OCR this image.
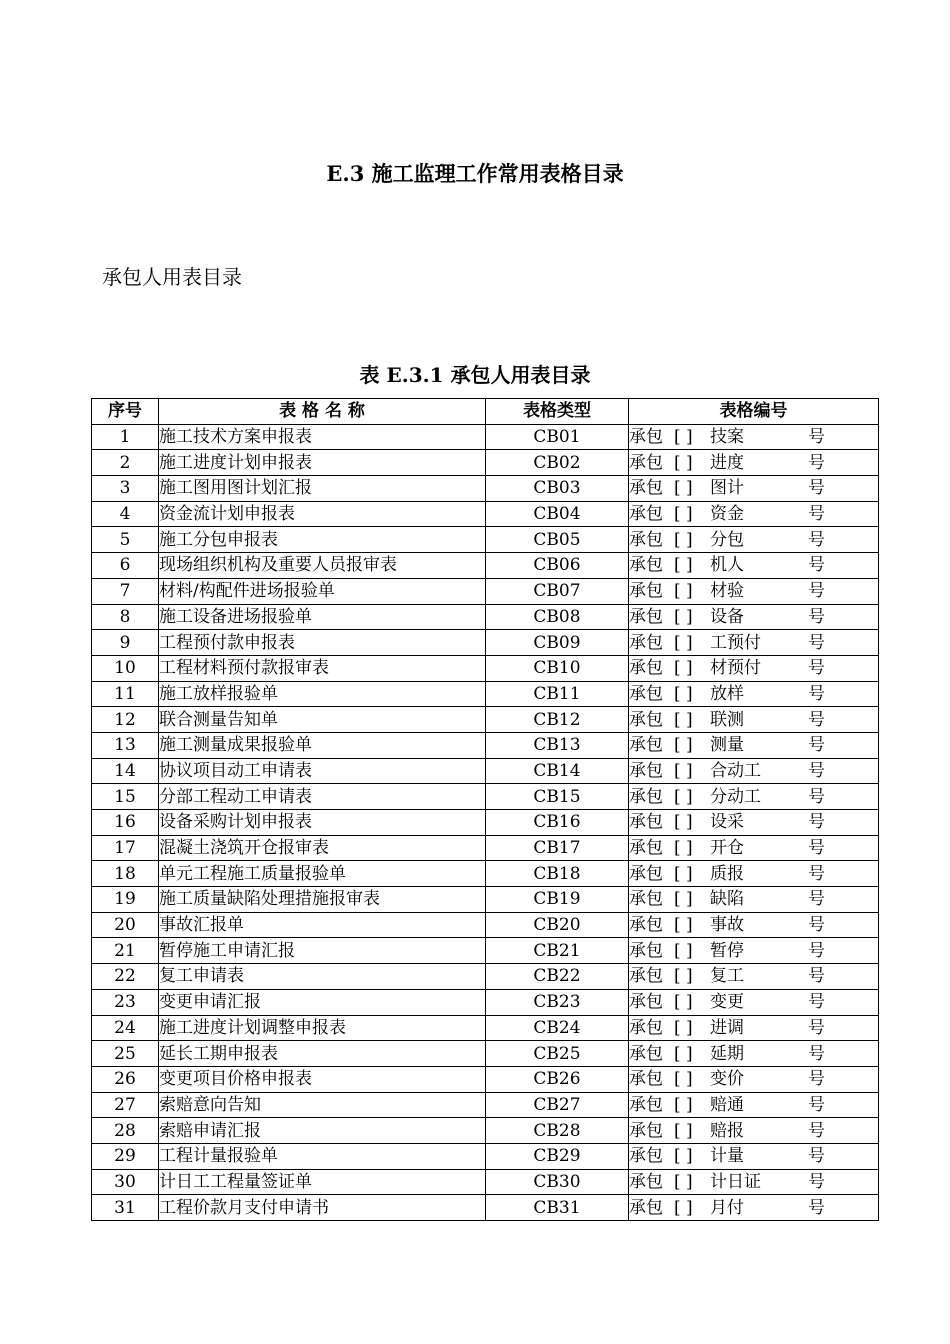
E.3 施工监理工作常用表格目录
承包人用表目录
表 E.3.1 承包人用表目录
序号	表 格 名 称	表格类型	表格编号
1	施工技术方案申报表	CB01	承包 [ ] 技案 号
2	施工进度计划申报表	CB02	承包 [ ] 进度 号
3	施工图用图计划汇报	CB03	承包 [ ] 图计 号
4	资金流计划申报表	CB04	承包 [ ] 资金 号
5	施工分包申报表	CB05	承包 [ ] 分包 号
6	现场组织机构及重要人员报审表	CB06	承包 [ ] 机人 号
7	材料/构配件进场报验单	CB07	承包 [ ] 材验 号
8	施工设备进场报验单	CB08	承包 [ ] 设备 号
9	工程预付款申报表	CB09	承包 [ ] 工预付 号
10	工程材料预付款报审表	CB10	承包 [ ] 材预付 号
11	施工放样报验单	CB11	承包 [ ] 放样 号
12	联合测量告知单	CB12	承包 [ ] 联测 号
13	施工测量成果报验单	CB13	承包 [ ] 测量 号
14	协议项目动工申请表	CB14	承包 [ ] 合动工 号
15	分部工程动工申请表	CB15	承包 [ ] 分动工 号
16	设备采购计划申报表	CB16	承包 [ ] 设采 号
17	混凝土浇筑开仓报审表	CB17	承包 [ ] 开仓 号
18	单元工程施工质量报验单	CB18	承包 [ ] 质报 号
19	施工质量缺陷处理措施报审表	CB19	承包 [ ] 缺陷 号
20	事故汇报单	CB20	承包 [ ] 事故 号
21	暂停施工申请汇报	CB21	承包 [ ] 暂停 号
22	复工申请表	CB22	承包 [ ] 复工 号
23	变更申请汇报	CB23	承包 [ ] 变更 号
24	施工进度计划调整申报表	CB24	承包 [ ] 进调 号
25	延长工期申报表	CB25	承包 [ ] 延期 号
26	变更项目价格申报表	CB26	承包 [ ] 变价 号
27	索赔意向告知	CB27	承包 [ ] 赔通 号
28	索赔申请汇报	CB28	承包 [ ] 赔报 号
29	工程计量报验单	CB29	承包 [ ] 计量 号
30	计日工工程量签证单	CB30	承包 [ ] 计日证 号
31	工程价款月支付申请书	CB31	承包 [ ] 月付 号
